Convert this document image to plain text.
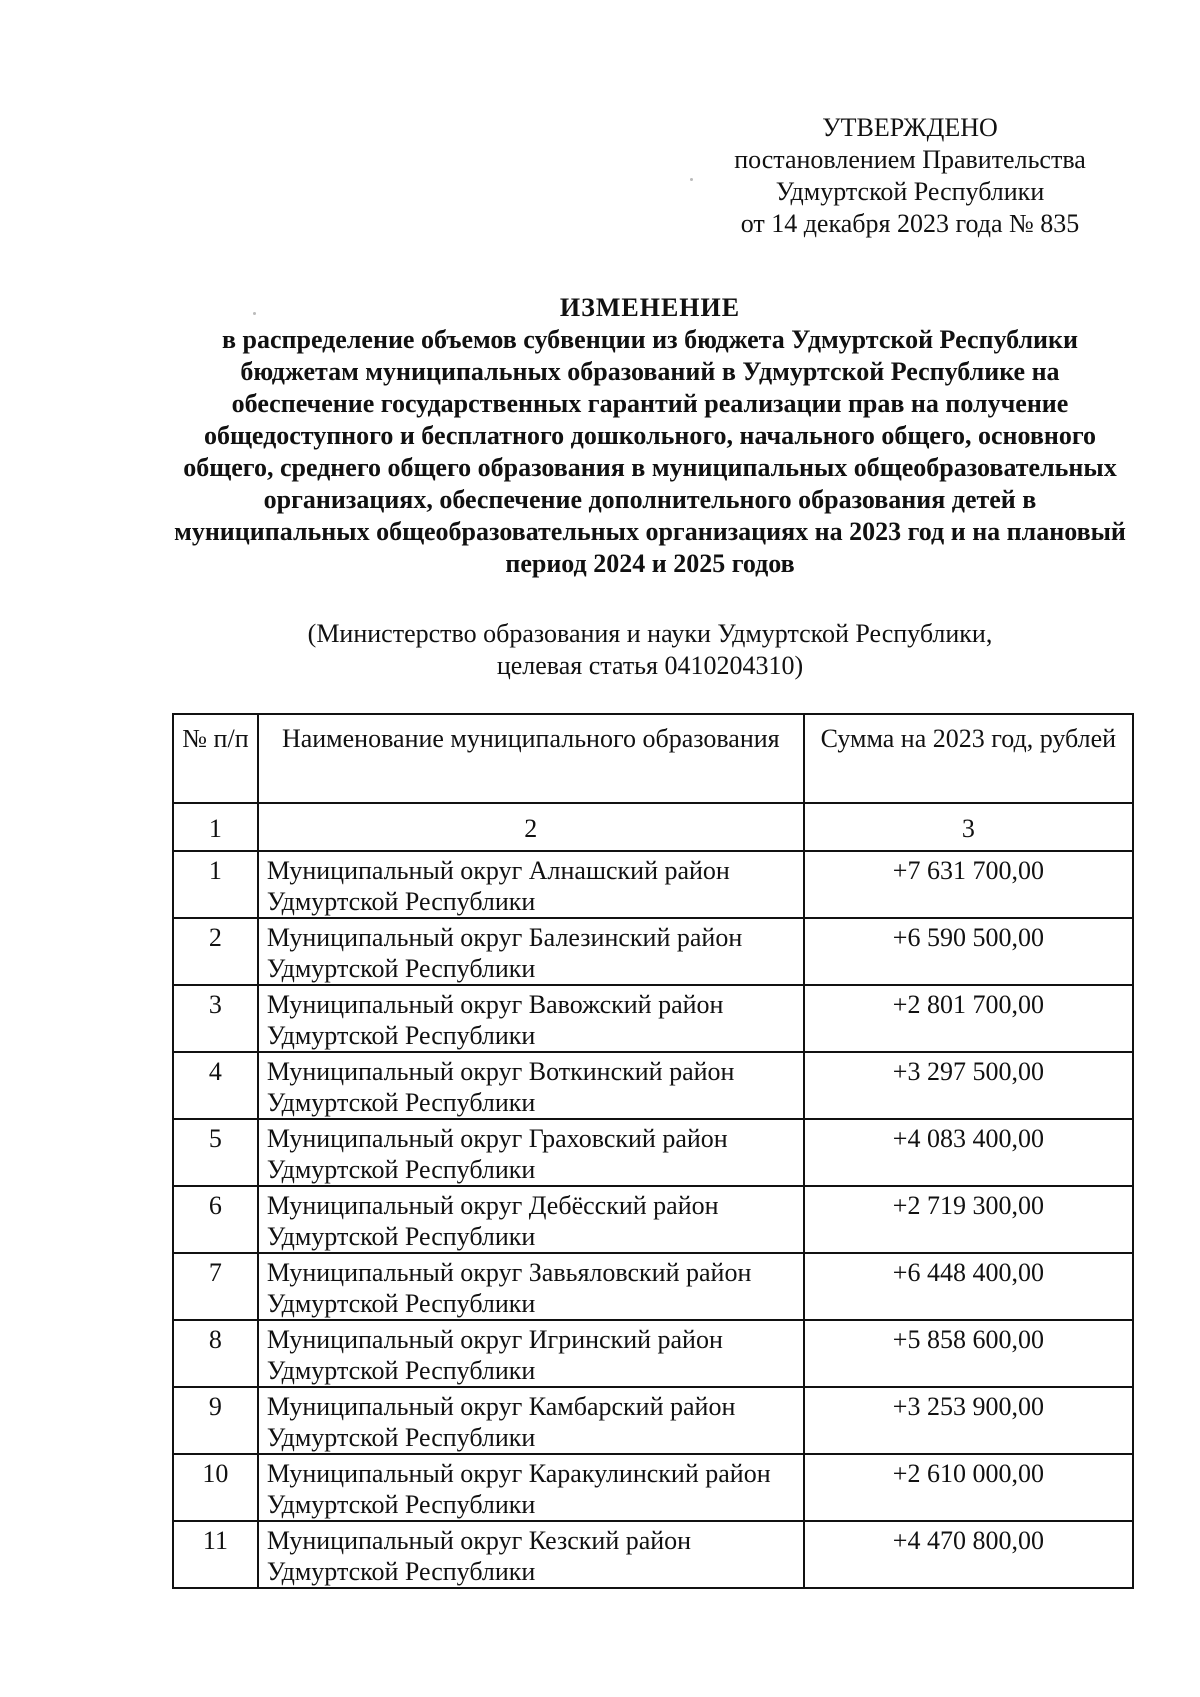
УТВЕРЖДЕНО
постановлением Правительства
Удмуртской Республики
от 14 декабря 2023 года № 835
ИЗМЕНЕНИЕ
в распределение объемов субвенции из бюджета Удмуртской Республики бюджетам муниципальных образований в Удмуртской Республике на обеспечение государственных гарантий реализации прав на получение общедоступного и бесплатного дошкольного, начального общего, основного общего, среднего общего образования в муниципальных общеобразовательных организациях, обеспечение дополнительного образования детей в муниципальных общеобразовательных организациях на 2023 год и на плановый период 2024 и 2025 годов
(Министерство образования и науки Удмуртской Республики,
целевая статья 0410204310)
№ п/п	Наименование муниципального образования	Сумма на 2023 год, рублей
1	2	3
1	Муниципальный округ Алнашский район Удмуртской Республики	+7 631 700,00
2	Муниципальный округ Балезинский район Удмуртской Республики	+6 590 500,00
3	Муниципальный округ Вавожский район Удмуртской Республики	+2 801 700,00
4	Муниципальный округ Воткинский район Удмуртской Республики	+3 297 500,00
5	Муниципальный округ Граховский район Удмуртской Республики	+4 083 400,00
6	Муниципальный округ Дебёсский район Удмуртской Республики	+2 719 300,00
7	Муниципальный округ Завьяловский район Удмуртской Республики	+6 448 400,00
8	Муниципальный округ Игринский район Удмуртской Республики	+5 858 600,00
9	Муниципальный округ Камбарский район Удмуртской Республики	+3 253 900,00
10	Муниципальный округ Каракулинский район Удмуртской Республики	+2 610 000,00
11	Муниципальный округ Кезский район Удмуртской Республики	+4 470 800,00
